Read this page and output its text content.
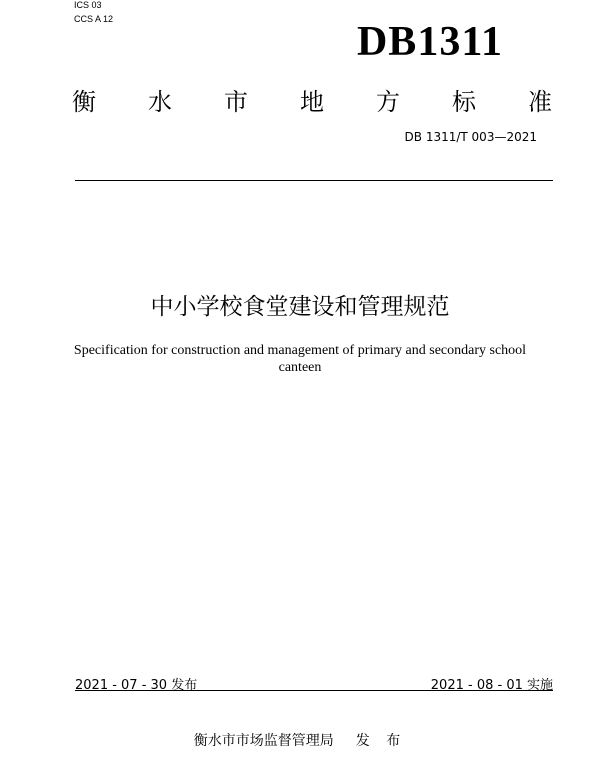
ICS 03
CCS A 12	DB1311
衡 水 市 地 方 标 准
DB 1311/T 003—2021
中小学校食堂建设和管理规范
Specification for construction and management of primary and secondary school canteen
2021 - 07 - 30 发布	2021 - 08 - 01 实施
衡水市市场监督管理局 发 布
